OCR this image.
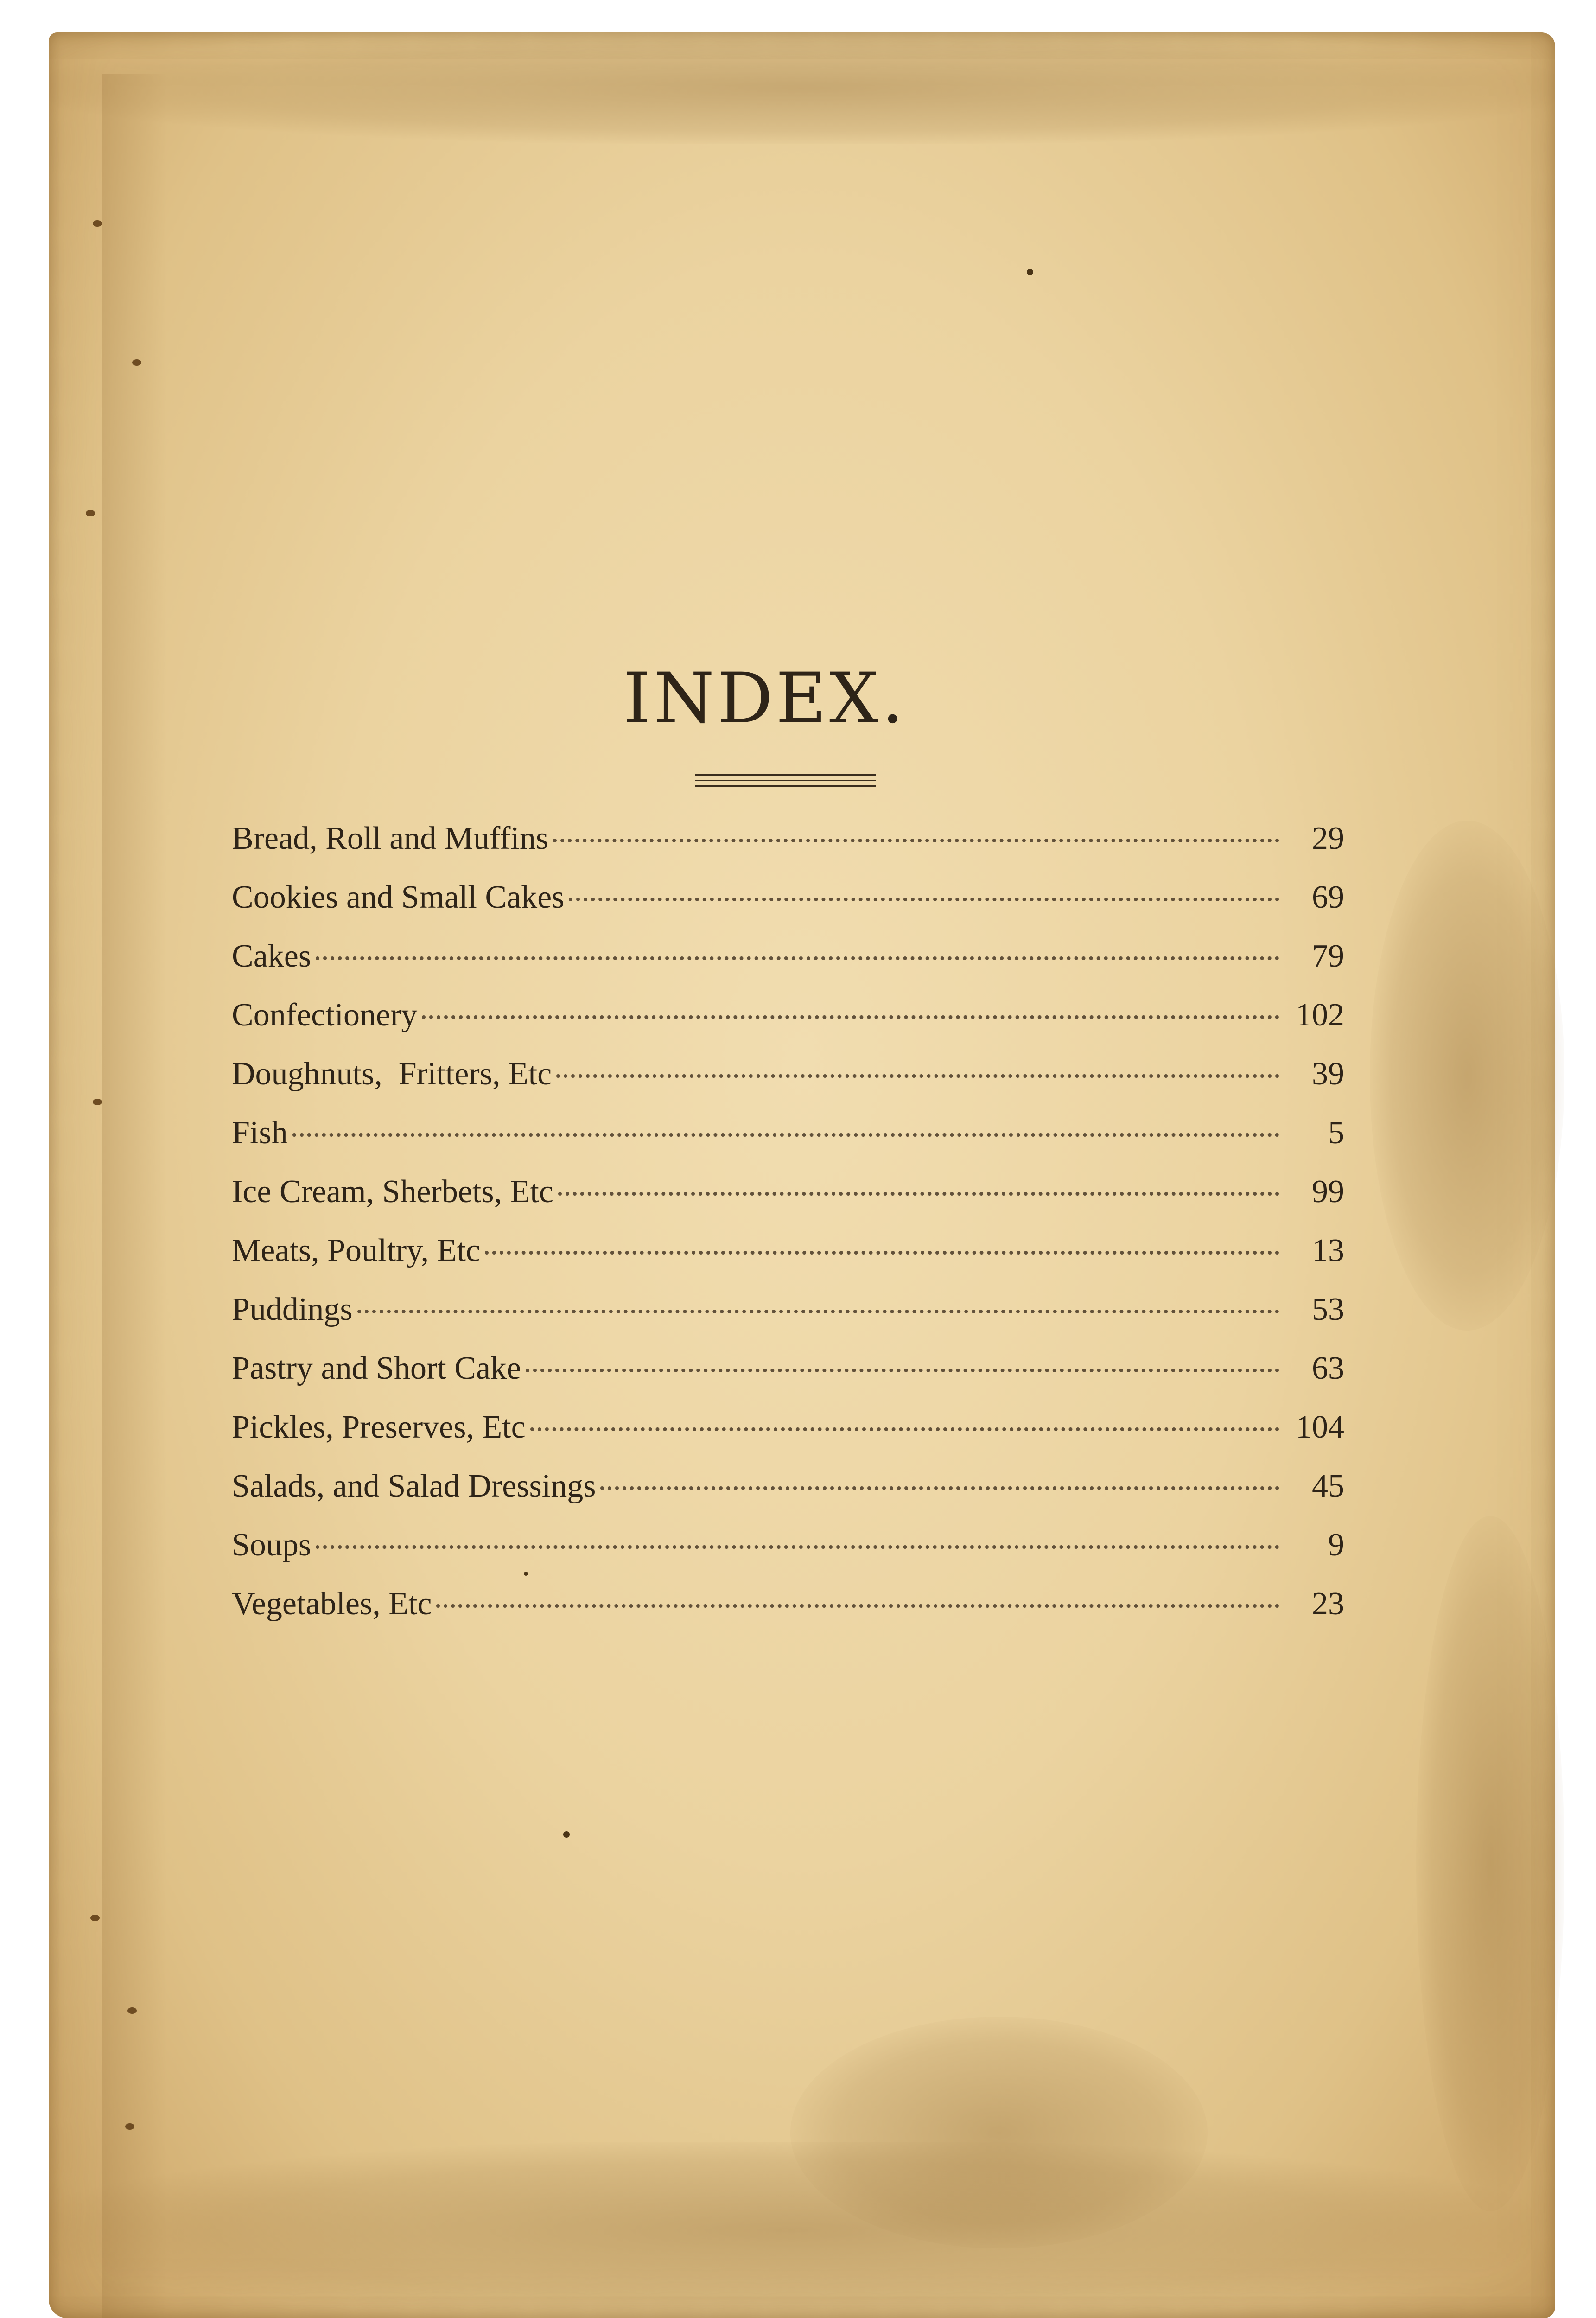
INDEX.
Bread, Roll and Muffins	29
Cookies and Small Cakes	69
Cakes	79
Confectionery	102
Doughnuts,  Fritters, Etc	39
Fish	5
Ice Cream, Sherbets, Etc	99
Meats, Poultry, Etc	13
Puddings	53
Pastry and Short Cake	63
Pickles, Preserves, Etc	104
Salads, and Salad Dressings	45
Soups	9
Vegetables, Etc	23
